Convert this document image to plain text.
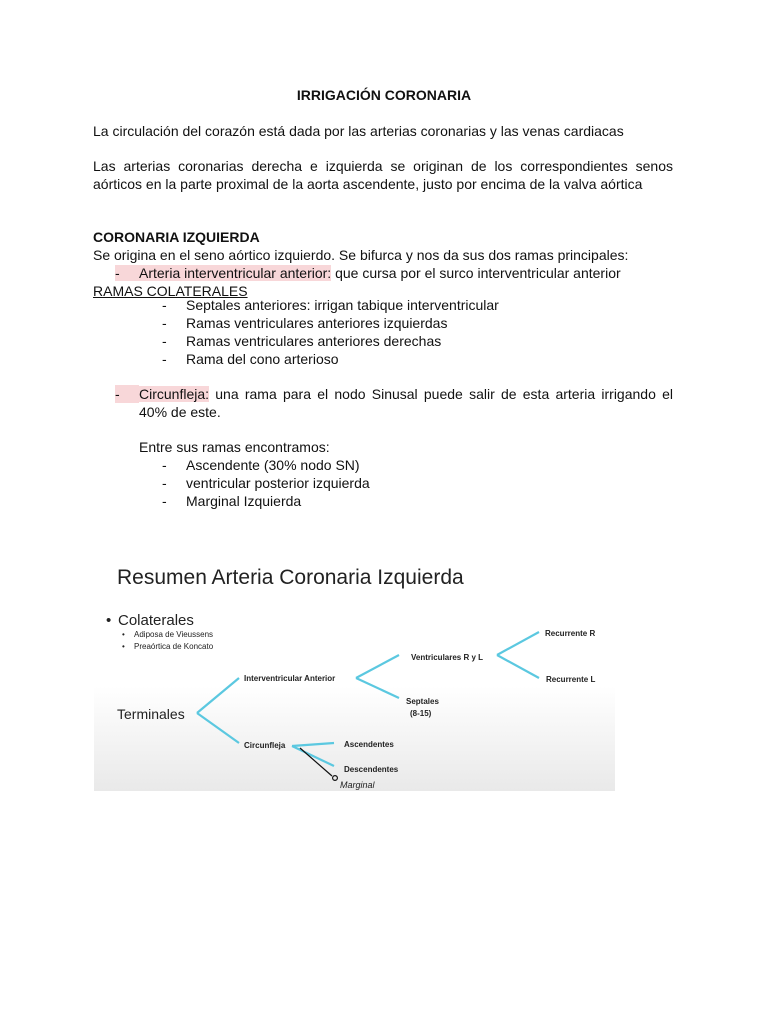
IRRIGACIÓN CORONARIA
La circulación del corazón está dada por las arterias coronarias y las venas cardiacas
Las arterias coronarias derecha e izquierda se originan de los correspondientes senos aórticos en la parte proximal de la aorta ascendente, justo por encima de la valva aórtica
CORONARIA IZQUIERDA
Se origina en el seno aórtico izquierdo. Se bifurca y nos da sus dos ramas principales:
- Arteria interventricular anterior: que cursa por el surco interventricular anterior
RAMAS COLATERALES
- Septales anteriores: irrigan tabique interventricular
- Ramas ventriculares anteriores izquierdas
- Ramas ventriculares anteriores derechas
- Rama del cono arterioso
-	Circunfleja: una rama para el nodo Sinusal puede salir de esta arteria irrigando el 40% de este.
Entre sus ramas encontramos:
- Ascendente (30% nodo SN)
- ventricular posterior izquierda
- Marginal Izquierda
Resumen Arteria Coronaria Izquierda
• Colaterales
• Adiposa de Vieussens
• Preaórtica de Koncato
Terminales
Interventricular Anterior
Ventriculares R y L
Recurrente R
Recurrente L
Septales
(8-15)
Circunfleja	Ascendentes
Descendentes
Marginal
